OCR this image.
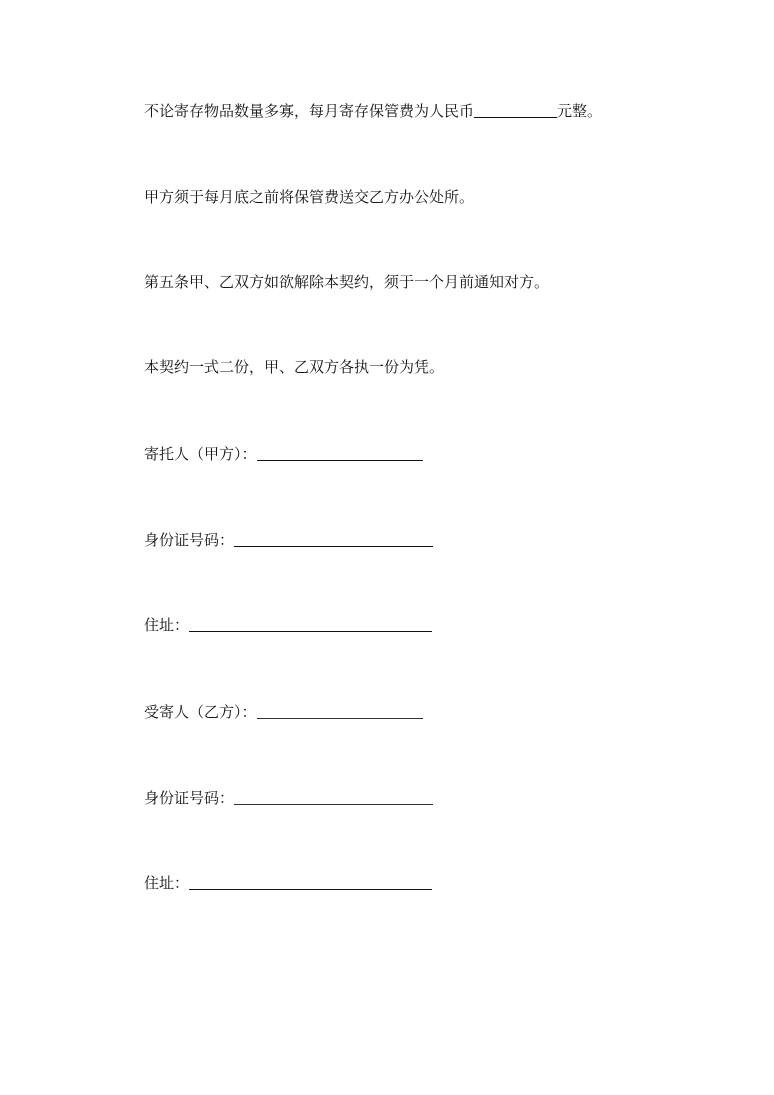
不论寄存物品数量多寡，每月寄存保管费为人民币	元整。
甲方须于每月底之前将保管费送交乙方办公处所。
第五条甲、乙双方如欲解除本契约，须于一个月前通知对方。
本契约一式二份，甲、乙双方各执一份为凭。
寄托人（甲方）：
身份证号码：
住址：
受寄人（乙方）：
身份证号码：
住址：
